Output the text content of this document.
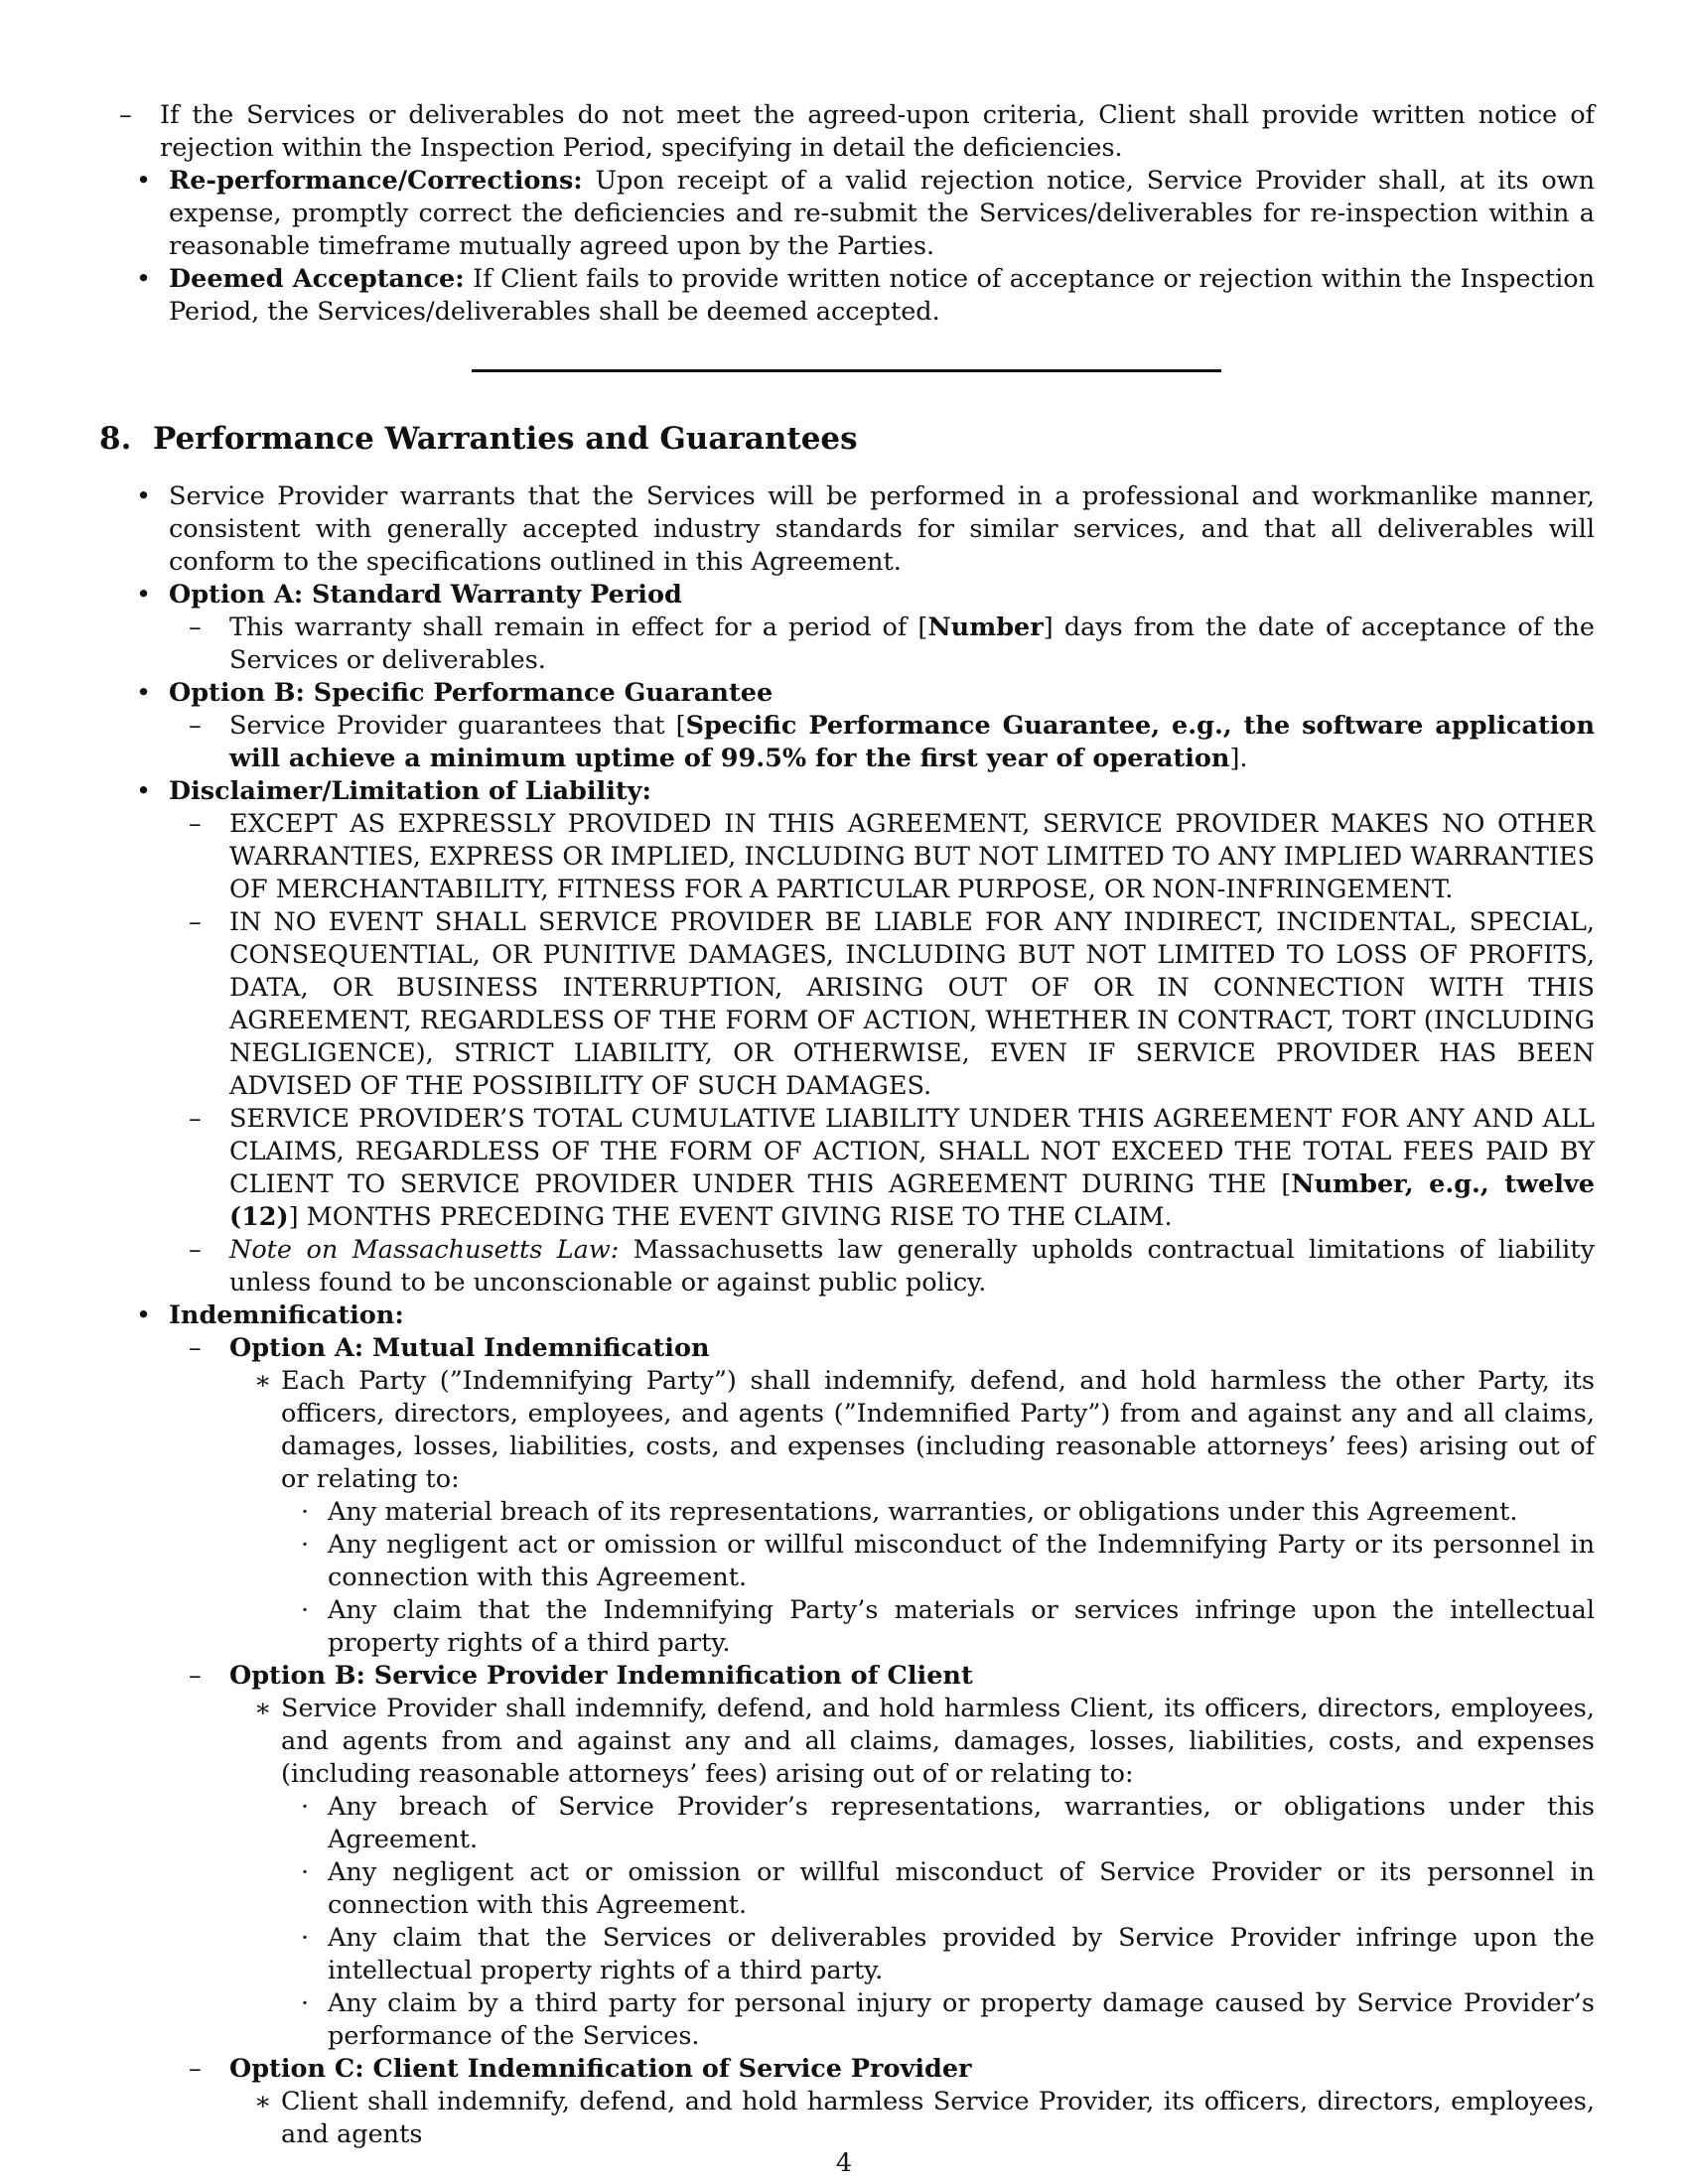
– If the Services or deliverables do not meet the agreed-upon criteria, Client shall provide written notice of rejection within the Inspection Period, specifying in detail the deficiencies.
• Re-performance/Corrections: Upon receipt of a valid rejection notice, Service Provider shall, at its own expense, promptly correct the deficiencies and re-submit the Services/deliverables for re-inspection within a reasonable timeframe mutually agreed upon by the Parties.
• Deemed Acceptance: If Client fails to provide written notice of acceptance or rejection within the Inspection Period, the Services/deliverables shall be deemed accepted.
8. Performance Warranties and Guarantees
• Service Provider warrants that the Services will be performed in a professional and workmanlike manner, consistent with generally accepted industry standards for similar services, and that all deliverables will conform to the specifications outlined in this Agreement.
• Option A: Standard Warranty Period
– This warranty shall remain in effect for a period of [Number] days from the date of acceptance of the Services or deliverables.
• Option B: Specific Performance Guarantee
– Service Provider guarantees that [Specific Performance Guarantee, e.g., the software application will achieve a minimum uptime of 99.5% for the first year of operation].
• Disclaimer/Limitation of Liability:
– EXCEPT AS EXPRESSLY PROVIDED IN THIS AGREEMENT, SERVICE PROVIDER MAKES NO OTHER WARRANTIES, EXPRESS OR IMPLIED, INCLUDING BUT NOT LIMITED TO ANY IMPLIED WARRANTIES OF MERCHANTABILITY, FITNESS FOR A PARTICULAR PURPOSE, OR NON-INFRINGEMENT.
– IN NO EVENT SHALL SERVICE PROVIDER BE LIABLE FOR ANY INDIRECT, INCIDENTAL, SPECIAL, CONSEQUENTIAL, OR PUNITIVE DAMAGES, INCLUDING BUT NOT LIMITED TO LOSS OF PROFITS, DATA, OR BUSINESS INTERRUPTION, ARISING OUT OF OR IN CONNECTION WITH THIS AGREEMENT, REGARDLESS OF THE FORM OF ACTION, WHETHER IN CONTRACT, TORT (INCLUDING NEGLIGENCE), STRICT LIABILITY, OR OTHERWISE, EVEN IF SERVICE PROVIDER HAS BEEN ADVISED OF THE POSSIBILITY OF SUCH DAMAGES.
– SERVICE PROVIDER’S TOTAL CUMULATIVE LIABILITY UNDER THIS AGREEMENT FOR ANY AND ALL CLAIMS, REGARDLESS OF THE FORM OF ACTION, SHALL NOT EXCEED THE TOTAL FEES PAID BY CLIENT TO SERVICE PROVIDER UNDER THIS AGREEMENT DURING THE [Number, e.g., twelve (12)] MONTHS PRECEDING THE EVENT GIVING RISE TO THE CLAIM.
– Note on Massachusetts Law: Massachusetts law generally upholds contractual limitations of liability unless found to be unconscionable or against public policy.
• Indemnification:
– Option A: Mutual Indemnification
∗ Each Party (”Indemnifying Party”) shall indemnify, defend, and hold harmless the other Party, its officers, directors, employees, and agents (”Indemnified Party”) from and against any and all claims, damages, losses, liabilities, costs, and expenses (including reasonable attorneys’ fees) arising out of or relating to:
· Any material breach of its representations, warranties, or obligations under this Agreement.
· Any negligent act or omission or willful misconduct of the Indemnifying Party or its personnel in connection with this Agreement.
· Any claim that the Indemnifying Party’s materials or services infringe upon the intellectual property rights of a third party.
– Option B: Service Provider Indemnification of Client
∗ Service Provider shall indemnify, defend, and hold harmless Client, its officers, directors, employees, and agents from and against any and all claims, damages, losses, liabilities, costs, and expenses (including reasonable attorneys’ fees) arising out of or relating to:
· Any breach of Service Provider’s representations, warranties, or obligations under this Agreement.
· Any negligent act or omission or willful misconduct of Service Provider or its personnel in connection with this Agreement.
· Any claim that the Services or deliverables provided by Service Provider infringe upon the intellectual property rights of a third party.
· Any claim by a third party for personal injury or property damage caused by Service Provider’s performance of the Services.
– Option C: Client Indemnification of Service Provider
∗ Client shall indemnify, defend, and hold harmless Service Provider, its officers, directors, employees, and agents
4
